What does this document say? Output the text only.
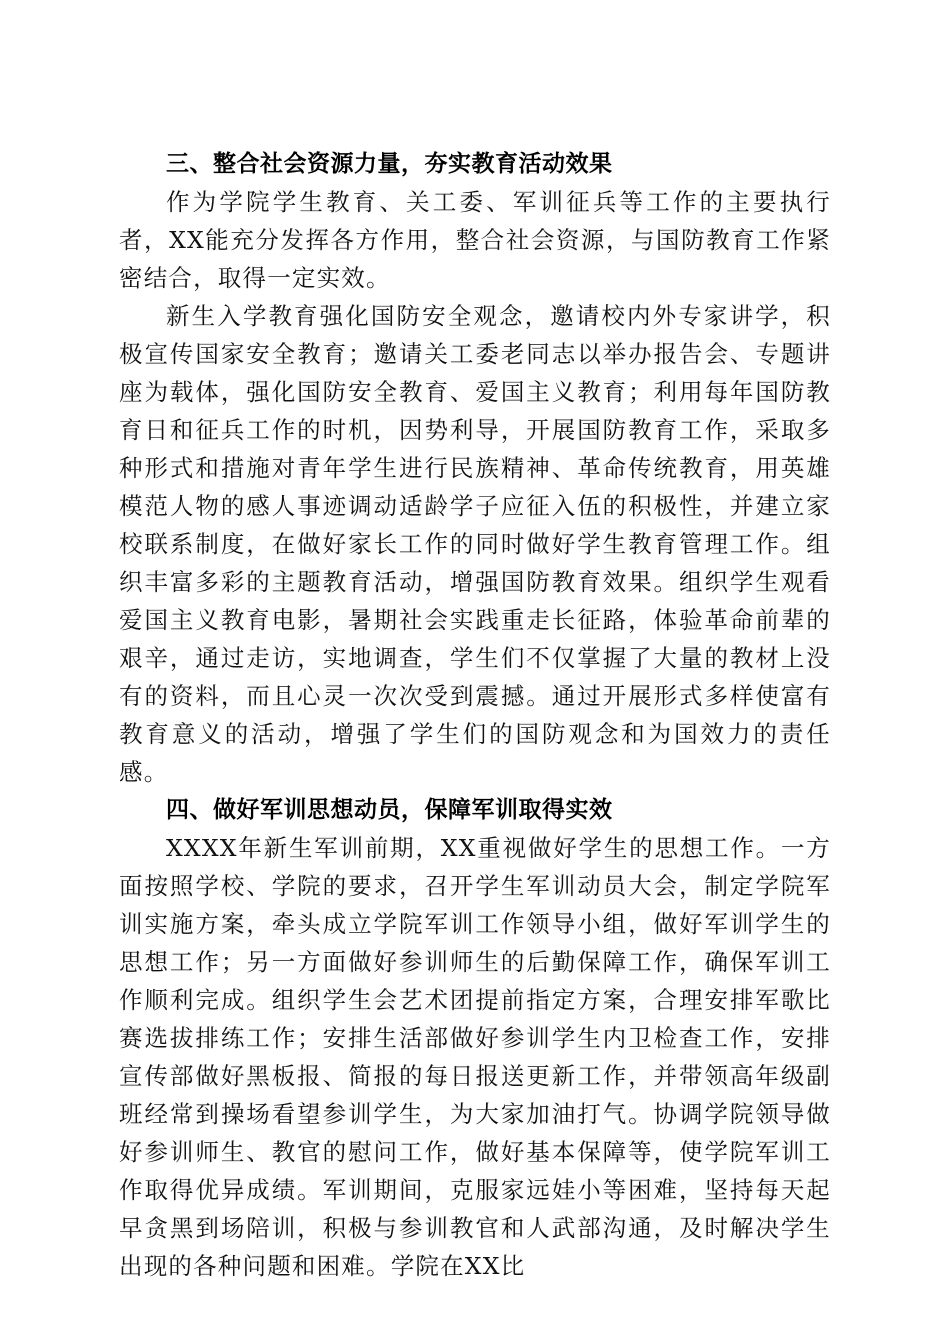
三、整合社会资源力量，夯实教育活动效果

作为学院学生教育、关工委、军训征兵等工作的主要执行者，XX能充分发挥各方作用，整合社会资源，与国防教育工作紧密结合，取得一定实效。

新生入学教育强化国防安全观念，邀请校内外专家讲学，积极宣传国家安全教育；邀请关工委老同志以举办报告会、专题讲座为载体，强化国防安全教育、爱国主义教育；利用每年国防教育日和征兵工作的时机，因势利导，开展国防教育工作，采取多种形式和措施对青年学生进行民族精神、革命传统教育，用英雄模范人物的感人事迹调动适龄学子应征入伍的积极性，并建立家校联系制度，在做好家长工作的同时做好学生教育管理工作。组织丰富多彩的主题教育活动，增强国防教育效果。组织学生观看爱国主义教育电影，暑期社会实践重走长征路，体验革命前辈的艰辛，通过走访，实地调查，学生们不仅掌握了大量的教材上没有的资料，而且心灵一次次受到震撼。通过开展形式多样使富有教育意义的活动，增强了学生们的国防观念和为国效力的责任感。

四、做好军训思想动员，保障军训取得实效

XXXX年新生军训前期，XX重视做好学生的思想工作。一方面按照学校、学院的要求，召开学生军训动员大会，制定学院军训实施方案，牵头成立学院军训工作领导小组，做好军训学生的思想工作；另一方面做好参训师生的后勤保障工作，确保军训工作顺利完成。组织学生会艺术团提前指定方案，合理安排军歌比赛选拔排练工作；安排生活部做好参训学生内卫检查工作，安排宣传部做好黑板报、简报的每日报送更新工作，并带领高年级副班经常到操场看望参训学生，为大家加油打气。协调学院领导做好参训师生、教官的慰问工作，做好基本保障等，使学院军训工作取得优异成绩。军训期间，克服家远娃小等困难，坚持每天起早贪黑到场陪训，积极与参训教官和人武部沟通，及时解决学生出现的各种问题和困难。学院在XX比
